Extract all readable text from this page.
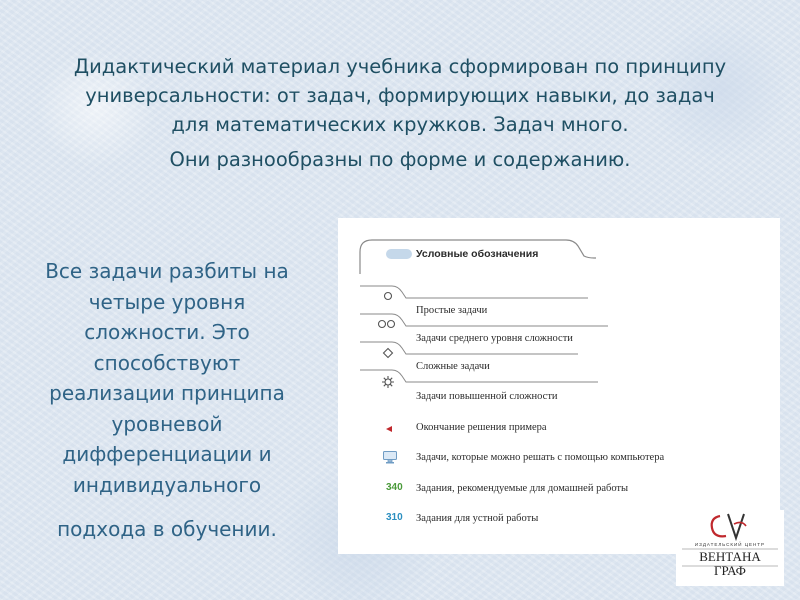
Дидактический материал учебника сформирован по принципу

универсальности: от задач, формирующих навыки, до задач

для математических кружков. Задач много.

Они разнообразны по форме и содержанию.

Все задачи разбиты на

четыре уровня

сложности. Это

способствуют

реализации принципа

уровневой

дифференциации и

индивидуального

подхода в обучении.

Условные обозначения
Простые задачи
Задачи среднего уровня сложности
Сложные задачи
Задачи повышенной сложности
Окончание решения примера
Задачи, которые можно решать с помощью компьютера
340 Задания, рекомендуемые для домашней работы
310 Задания для устной работы
ИЗДАТЕЛЬСКИЙ ЦЕНТР
ВЕНТАНА
ГРАФ
